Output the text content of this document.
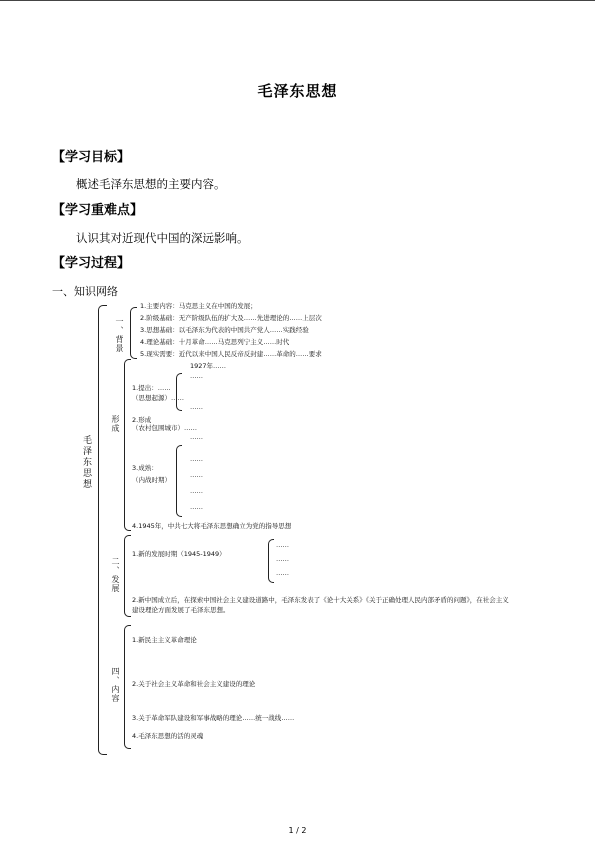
毛泽东思想
【学习目标】
概述毛泽东思想的主要内容。
【学习重难点】
认识其对近现代中国的深远影响。
【学习过程】
一、知识网络
毛泽东思想
一、背景
1.主要内容：马克思主义在中国的发展；
2.阶级基础：无产阶级队伍的扩大及……先进理论的……上层次
3.思想基础：以毛泽东为代表的中国共产党人……实践经验
4.理论基础：十月革命……马克思列宁主义……时代
5.现实需要：近代以来中国人民反帝反封建……革命的……要求
形成
1927年……
……
1.提出：……
（思想起源）……
（农村包围城市）……
……
……
2.形成
3.成熟：
（内战时期）
……
……
……
……
4.1945年，中共七大将毛泽东思想确立为党的指导思想
二、发展
1.新的发展时期（1945-1949）
……
……
……
2.新中国成立后，在探索中国社会主义建设道路中，毛泽东发表了《论十大关系》《关于正确处理人民内部矛盾的问题》，在社会主义建设理论方面发展了毛泽东思想。
四、内容
1.新民主主义革命理论
2.关于社会主义革命和社会主义建设的理论
3.关于革命军队建设和军事战略的理论……统一战线……
4.毛泽东思想的活的灵魂
1 / 2
